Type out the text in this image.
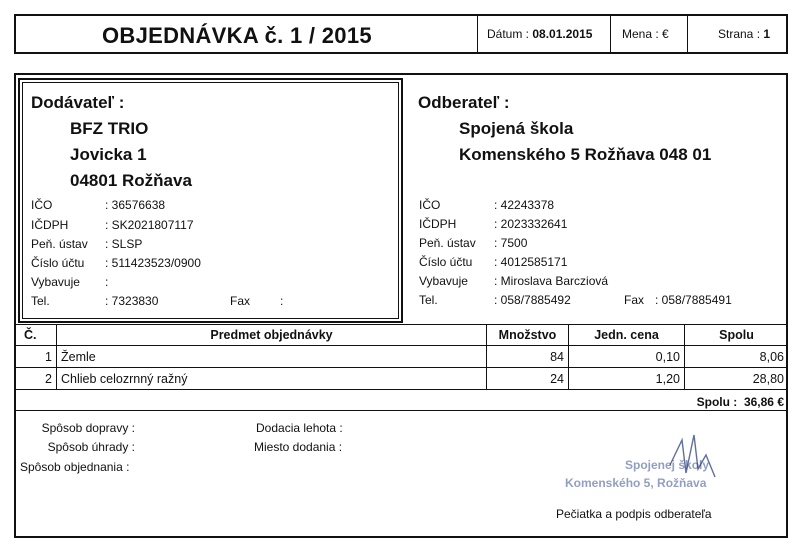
OBJEDNÁVKA č. 1 / 2015	Dátum : 08.01.2015 Mena : €	Strana : 1
Dodávateľ :
BFZ TRIO
Jovicka 1
04801 Rožňava
IČO	: 36576638
IČDPH	: SK2021807117
Peň. ústav : SLSP
Číslo účtu : 511423523/0900
Vybavuje :
Tel.	: 7323830	Fax :
Odberateľ :
Spojená škola
Komenského 5 Rožňava 048 01
IČO	: 42243378
IČDPH	: 2023332641
Peň. ústav : 7500
Číslo účtu : 4012585171
Vybavuje : Miroslava Barcziová
Tel.	: 058/7885492	Fax : 058/7885491
Č.	Predmet objednávky	Množstvo	Jedn. cena	Spolu
1 Žemle	84	0,10	8,06
2 Chlieb celozrnný ražný	24	1,20	28,80
Spolu : 36,86 €
Spôsob dopravy :
Spôsob úhrady :
Spôsob objednania :
Dodacia lehota :
Miesto dodania :
Spojenej školy
Komenského 5, Rožňava
Pečiatka a podpis odberateľa
